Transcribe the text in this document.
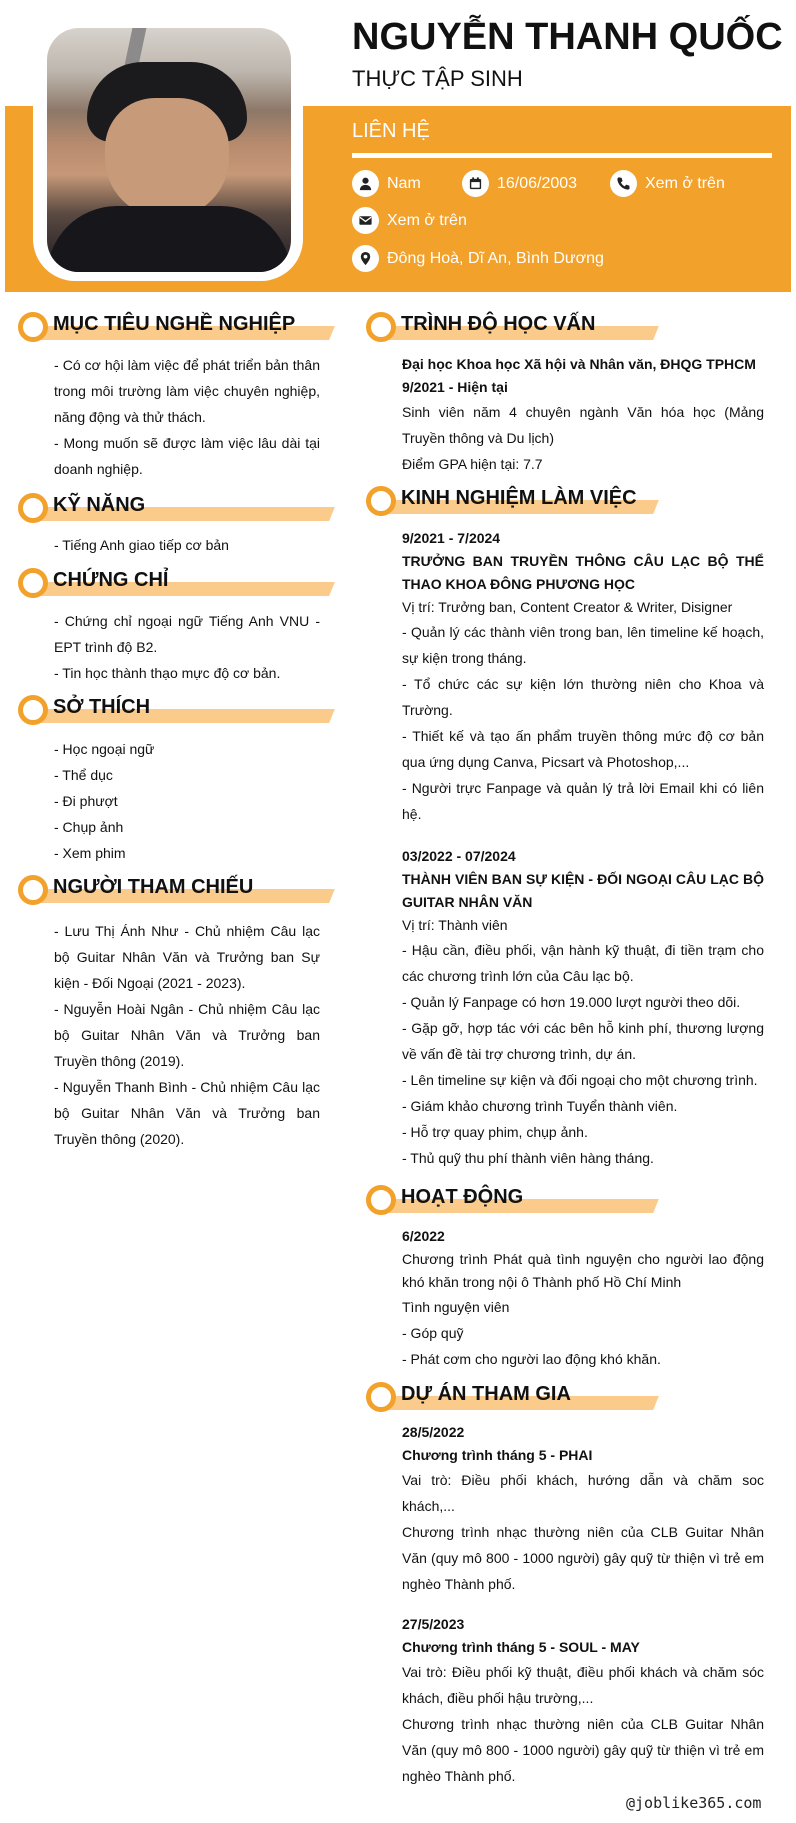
NGUYỄN THANH QUỐC
THỰC TẬP SINH
LIÊN HỆ
Nam	16/06/2003	Xem ở trên
Xem ở trên
Đông Hoà, Dĩ An, Bình Dương
MỤC TIÊU NGHỀ NGHIỆP

- Có cơ hội làm việc để phát triển bản thân trong môi trường làm việc chuyên nghiệp, năng động và thử thách.

- Mong muốn sẽ được làm việc lâu dài tại doanh nghiệp.

KỸ NĂNG

- Tiếng Anh giao tiếp cơ bản

CHỨNG CHỈ

- Chứng chỉ ngoại ngữ Tiếng Anh VNU - EPT trình độ B2.

- Tin học thành thạo mực độ cơ bản.

SỞ THÍCH

- Học ngoại ngữ

- Thể dục

- Đi phượt

- Chụp ảnh

- Xem phim

NGƯỜI THAM CHIẾU

- Lưu Thị Ánh Như - Chủ nhiệm Câu lạc bộ Guitar Nhân Văn và Trưởng ban Sự kiện - Đối Ngoại (2021 - 2023).

- Nguyễn Hoài Ngân - Chủ nhiệm Câu lạc bộ Guitar Nhân Văn và Trưởng ban Truyền thông (2019).

- Nguyễn Thanh Bình - Chủ nhiệm Câu lạc bộ Guitar Nhân Văn và Trưởng ban Truyền thông (2020).

TRÌNH ĐỘ HỌC VẤN

Đại học Khoa học Xã hội và Nhân văn, ĐHQG TPHCM

9/2021 - Hiện tại

Sinh viên năm 4 chuyên ngành Văn hóa học (Mảng Truyền thông và Du lịch)

Điểm GPA hiện tại: 7.7

KINH NGHIỆM LÀM VIỆC

9/2021 - 7/2024

TRƯỞNG BAN TRUYỀN THÔNG CÂU LẠC BỘ THỂ THAO KHOA ĐÔNG PHƯƠNG HỌC

Vị trí: Trưởng ban, Content Creator & Writer, Disigner

- Quản lý các thành viên trong ban, lên timeline kế hoạch, sự kiện trong tháng.

- Tổ chức các sự kiện lớn thường niên cho Khoa và Trường.

- Thiết kế và tạo ấn phẩm truyền thông mức độ cơ bản qua ứng dụng Canva, Picsart và Photoshop,...

- Người trực Fanpage và quản lý trả lời Email khi có liên hệ.

03/2022 - 07/2024

THÀNH VIÊN BAN SỰ KIỆN - ĐỐI NGOẠI CÂU LẠC BỘ GUITAR NHÂN VĂN

Vị trí: Thành viên

- Hậu cần, điều phối, vận hành kỹ thuật, đi tiền trạm cho các chương trình lớn của Câu lạc bộ.

- Quản lý Fanpage có hơn 19.000 lượt người theo dõi.

- Gặp gỡ, hợp tác với các bên hỗ kinh phí, thương lượng về vấn đề tài trợ chương trình, dự án.

- Lên timeline sự kiện và đối ngoại cho một chương trình.

- Giám khảo chương trình Tuyển thành viên.

- Hỗ trợ quay phim, chụp ảnh.

- Thủ quỹ thu phí thành viên hàng tháng.

HOẠT ĐỘNG

6/2022

Chương trình Phát quà tình nguyện cho người lao động khó khăn trong nội ô Thành phố Hồ Chí Minh

Tình nguyện viên

- Góp quỹ

- Phát cơm cho người lao động khó khăn.

DỰ ÁN THAM GIA

28/5/2022

Chương trình tháng 5 - PHAI

Vai trò: Điều phối khách, hướng dẫn và chăm soc khách,...

Chương trình nhạc thường niên của CLB Guitar Nhân Văn (quy mô 800 - 1000 người) gây quỹ từ thiện vì trẻ em nghèo Thành phố.

27/5/2023

Chương trình tháng 5 - SOUL - MAY

Vai trò: Điều phối kỹ thuật, điều phối khách và chăm sóc khách, điều phối hậu trường,...

Chương trình nhạc thường niên của CLB Guitar Nhân Văn (quy mô 800 - 1000 người) gây quỹ từ thiện vì trẻ em nghèo Thành phố.

@joblike365.com
